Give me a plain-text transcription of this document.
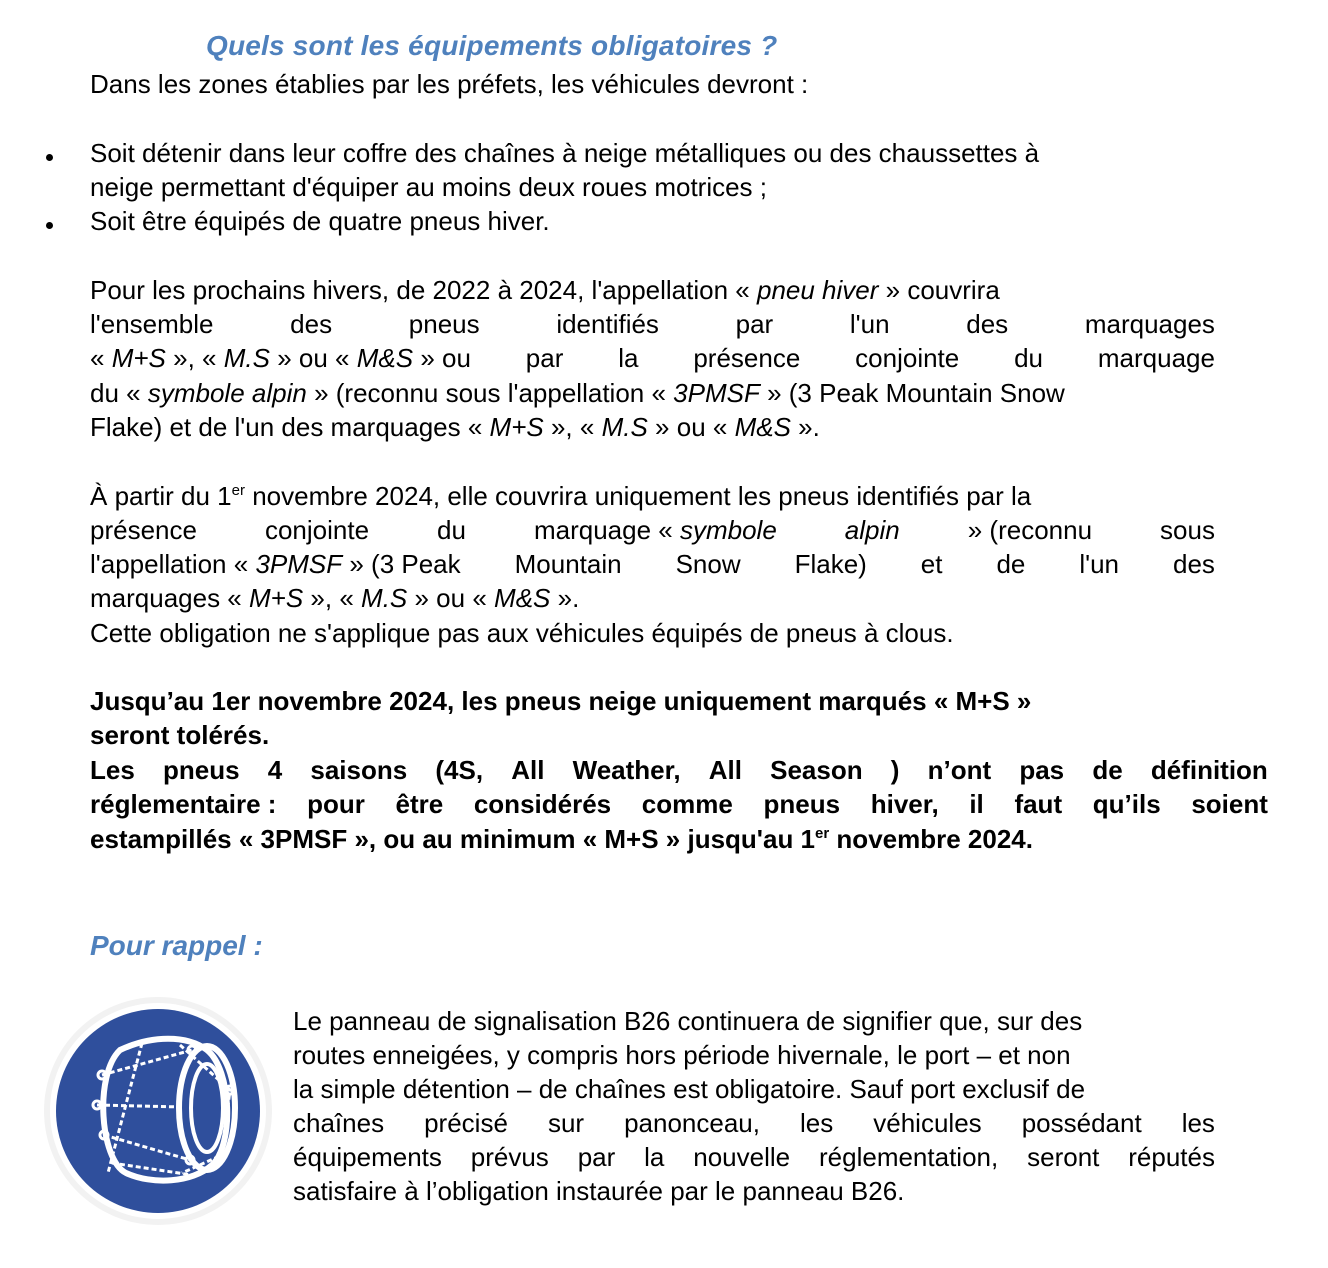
Quels sont les équipements obligatoires ?
Dans les zones établies par les préfets, les véhicules devront :
Soit détenir dans leur coffre des chaînes à neige métalliques ou des chaussettes à
neige permettant d'équiper au moins deux roues motrices ;
Soit être équipés de quatre pneus hiver.
Pour les prochains hivers, de 2022 à 2024, l'appellation « pneu hiver » couvrira
l'ensemble	des	pneus	identifiés	par	l'un	des	marquages
« M+S », « M.S » ou « M&S » ou par la présence conjointe du marquage
du « symbole alpin » (reconnu sous l'appellation « 3PMSF » (3 Peak Mountain Snow
Flake) et de l'un des marquages « M+S », « M.S » ou « M&S ».
À partir du 1er novembre 2024, elle couvrira uniquement les pneus identifiés par la
présence	conjointe	du	marquage « symbole	alpin	» (reconnu	sous
l'appellation « 3PMSF » (3 Peak Mountain Snow Flake) et de l'un des
marquages « M+S », « M.S » ou « M&S ».
Cette obligation ne s'applique pas aux véhicules équipés de pneus à clous.
Jusqu’au 1er novembre 2024, les pneus neige uniquement marqués « M+S »
seront tolérés.
Les pneus 4 saisons (4S, All Weather, All Season ) n’ont pas de définition
réglementaire : pour être considérés comme pneus hiver, il faut qu’ils soient
estampillés « 3PMSF », ou au minimum « M+S » jusqu'au 1er novembre 2024.
Pour rappel :
Le panneau de signalisation B26 continuera de signifier que, sur des
routes enneigées, y compris hors période hivernale, le port – et non
la simple détention – de chaînes est obligatoire. Sauf port exclusif de
chaînes précisé sur panonceau, les véhicules possédant les
équipements prévus par la nouvelle réglementation, seront réputés
satisfaire à l’obligation instaurée par le panneau B26.
